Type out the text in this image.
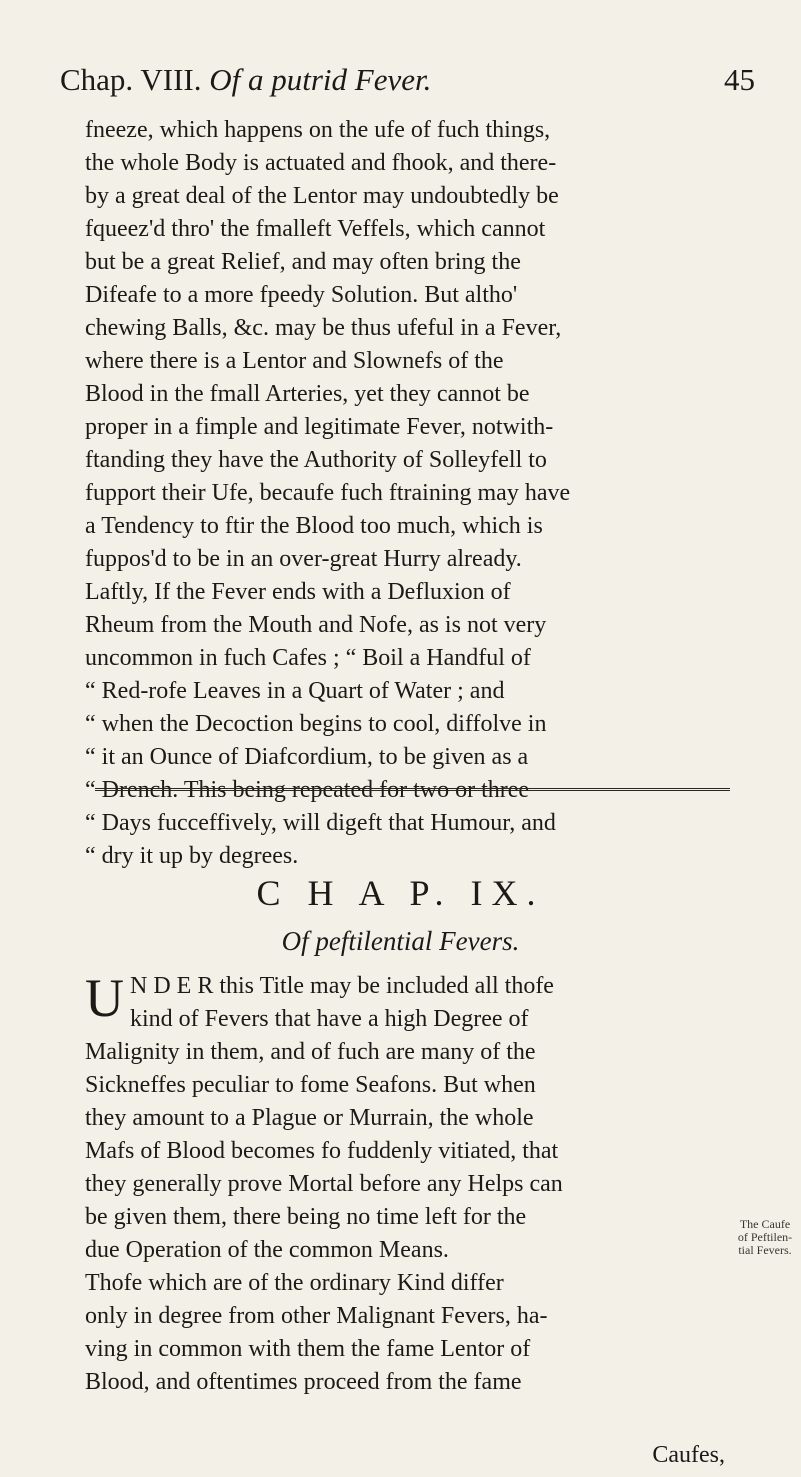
Chap. VIII. Of a putrid Fever.	45
fneeze, which happens on the ufe of fuch things,
the whole Body is actuated and fhook, and there-
by a great deal of the Lentor may undoubtedly be
fqueez'd thro' the fmalleft Veffels, which cannot
but be a great Relief, and may often bring the
Difeafe to a more fpeedy Solution. But altho'
chewing Balls, &c. may be thus ufeful in a Fever,
where there is a Lentor and Slownefs of the
Blood in the fmall Arteries, yet they cannot be
proper in a fimple and legitimate Fever, notwith-
ftanding they have the Authority of Solleyfell to
fupport their Ufe, becaufe fuch ftraining may have
a Tendency to ftir the Blood too much, which is
fuppos'd to be in an over-great Hurry already.
Laftly, If the Fever ends with a Defluxion of
Rheum from the Mouth and Nofe, as is not very
uncommon in fuch Cafes ; “ Boil a Handful of
“ Red-rofe Leaves in a Quart of Water ; and
“ when the Decoction begins to cool, diffolve in
“ it an Ounce of Diafcordium, to be given as a
“ Drench. This being repeated for two or three
“ Days fucceffively, will digeft that Humour, and
“ dry it up by degrees.
C H A P. IX.
Of peftilential Fevers.
U N D E R this Title may be included all thofe
kind of Fevers that have a high Degree of
Malignity in them, and of fuch are many of the
Sickneffes peculiar to fome Seafons. But when
they amount to a Plague or Murrain, the whole
Mafs of Blood becomes fo fuddenly vitiated, that
they generally prove Mortal before any Helps can
be given them, there being no time left for the
due Operation of the common Means.
Thofe which are of the ordinary Kind differ
only in degree from other Malignant Fevers, ha-
ving in common with them the fame Lentor of
Blood, and oftentimes proceed from the fame
The Caufe of Peftilen-tial Fevers.
Caufes,
